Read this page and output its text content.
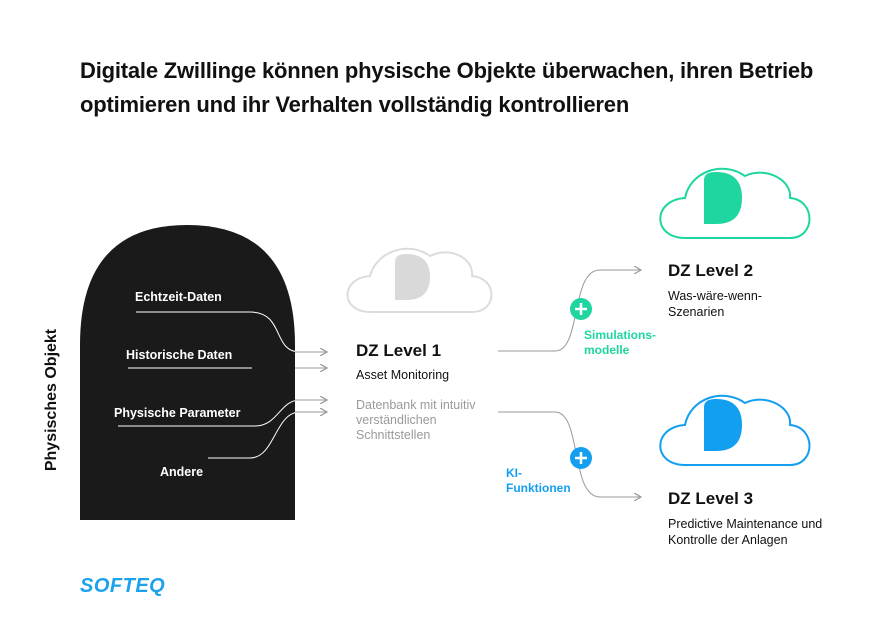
Digitale Zwillinge können physische Objekte überwachen, ihren Betrieb optimieren und ihr Verhalten vollständig kontrollieren
Echtzeit-Daten
Historische Daten
Physische Parameter
Andere
Physisches Objekt	DZ Level 1
Asset Monitoring
Datenbank mit intuitiv verständlichen Schnittstellen
DZ Level 2
Was-wäre-wenn-Szenarien
Simulations-modelle
DZ Level 3
Predictive Maintenance und Kontrolle der Anlagen
KI-Funktionen
SOFTEQ
